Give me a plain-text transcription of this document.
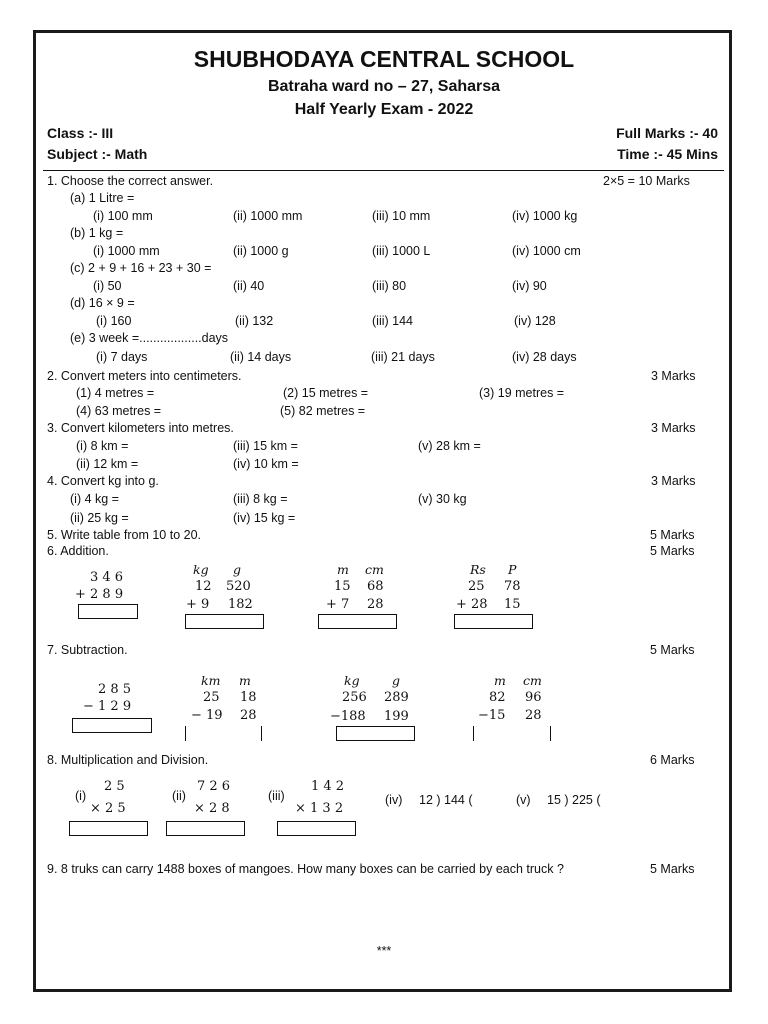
SHUBHODAYA CENTRAL SCHOOL
Batraha ward no – 27, Saharsa
Half Yearly Exam - 2022
Class :- III
Subject :- Math
Full Marks :- 40
Time :- 45 Mins
1. Choose the correct answer.	2×5 = 10 Marks
(a) 1 Litre =
(i) 100 mm	(ii) 1000 mm	(iii) 10 mm	(iv) 1000 kg
(b) 1 kg =
(i) 1000 mm	(ii) 1000 g	(iii) 1000 L	(iv) 1000 cm
(c) 2 + 9 + 16 + 23 + 30 =
(i) 50	(ii) 40	(iii) 80	(iv) 90
(d) 16 × 9 =
(i) 160	(ii) 132	(iii) 144	(iv) 128
(e) 3 week =..................days
(i) 7 days	(ii) 14 days	(iii) 21 days	(iv) 28 days
2. Convert meters into centimeters.	3 Marks
(1) 4 metres =	(2) 15 metres =	(3) 19 metres =
(4) 63 metres =	(5) 82 metres =
3. Convert kilometers into metres.	3 Marks
(i) 8 km =	(iii) 15 km =	(v) 28 km =
(ii) 12 km =	(iv) 10 km =
4. Convert kg into g.	3 Marks
(i) 4 kg =	(iii) 8 kg =	(v) 30 kg
(ii) 25 kg =	(iv) 15 kg =
5. Write table from 10 to 20.	5 Marks
6. Addition.	5 Marks
3 4 6
+ 2 8 9
kg g
12 520
+ 9 182
m cm
15 68
+ 7 28
Rs P
25 78
+ 28 15
7. Subtraction.	5 Marks
2 8 5
− 1 2 9
km m
25 18
− 19 28
kg	g
256 289
−188 199
m cm
82 96
−15 28
8. Multiplication and Division.	6 Marks
(i)
2 5
× 2 5
(ii)
7 2 6
× 2 8
(iii)
1 4 2
× 1 3 2
(iv) 12 ) 144 (	(v) 15 ) 225 (
9. 8 truks can carry 1488 boxes of mangoes. How many boxes can be carried by each truck ?	5 Marks
***
